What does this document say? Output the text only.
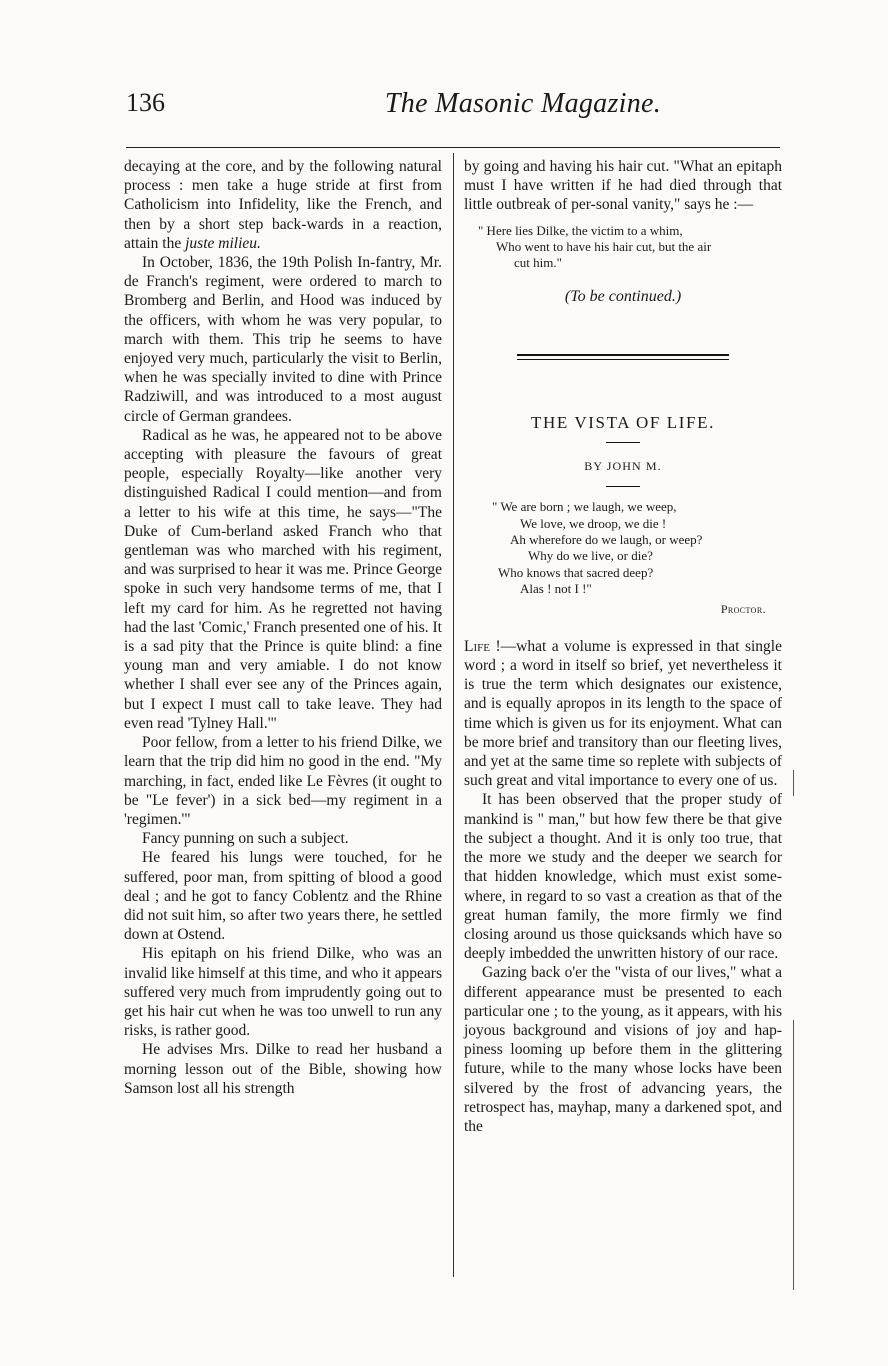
136	The Masonic Magazine.

decaying at the core, and by the following natural process : men take a huge stride at first from Catholicism into Infidelity, like the French, and then by a short step back-wards in a reaction, attain the juste milieu.

In October, 1836, the 19th Polish In-fantry, Mr. de Franch's regiment, were ordered to march to Bromberg and Berlin, and Hood was induced by the officers, with whom he was very popular, to march with them. This trip he seems to have enjoyed very much, particularly the visit to Berlin, when he was specially invited to dine with Prince Radziwill, and was introduced to a most august circle of German grandees.

Radical as he was, he appeared not to be above accepting with pleasure the favours of great people, especially Royalty—like another very distinguished Radical I could mention—and from a letter to his wife at this time, he says—"The Duke of Cum-berland asked Franch who that gentleman was who marched with his regiment, and was surprised to hear it was me. Prince George spoke in such very handsome terms of me, that I left my card for him. As he regretted not having had the last 'Comic,' Franch presented one of his. It is a sad pity that the Prince is quite blind: a fine young man and very amiable. I do not know whether I shall ever see any of the Princes again, but I expect I must call to take leave. They had even read 'Tylney Hall.'"

Poor fellow, from a letter to his friend Dilke, we learn that the trip did him no good in the end. "My marching, in fact, ended like Le Fèvres (it ought to be "Le fever') in a sick bed—my regiment in a 'regimen.'"

Fancy punning on such a subject.

He feared his lungs were touched, for he suffered, poor man, from spitting of blood a good deal ; and he got to fancy Coblentz and the Rhine did not suit him, so after two years there, he settled down at Ostend.

His epitaph on his friend Dilke, who was an invalid like himself at this time, and who it appears suffered very much from imprudently going out to get his hair cut when he was too unwell to run any risks, is rather good.

He advises Mrs. Dilke to read her husband a morning lesson out of the Bible, showing how Samson lost all his strength

by going and having his hair cut. "What an epitaph must I have written if he had died through that little outbreak of per-sonal vanity," says he :—

" Here lies Dilke, the victim to a whim,
Who went to have his hair cut, but the air
cut him."
(To be continued.)
THE VISTA OF LIFE.
BY JOHN M.
" We are born ; we laugh, we weep,
We love, we droop, we die !
Ah wherefore do we laugh, or weep?
Why do we live, or die?
Who knows that sacred deep?
Alas ! not I !"
Proctor.

Life !—what a volume is expressed in that single word ; a word in itself so brief, yet nevertheless it is true the term which designates our existence, and is equally apropos in its length to the space of time which is given us for its enjoyment. What can be more brief and transitory than our fleeting lives, and yet at the same time so replete with subjects of such great and vital importance to every one of us.

It has been observed that the proper study of mankind is " man," but how few there be that give the subject a thought. And it is only too true, that the more we study and the deeper we search for that hidden knowledge, which must exist some-where, in regard to so vast a creation as that of the great human family, the more firmly we find closing around us those quicksands which have so deeply imbedded the unwritten history of our race.

Gazing back o'er the "vista of our lives," what a different appearance must be presented to each particular one ; to the young, as it appears, with his joyous background and visions of joy and hap-piness looming up before them in the glittering future, while to the many whose locks have been silvered by the frost of advancing years, the retrospect has, mayhap, many a darkened spot, and the
